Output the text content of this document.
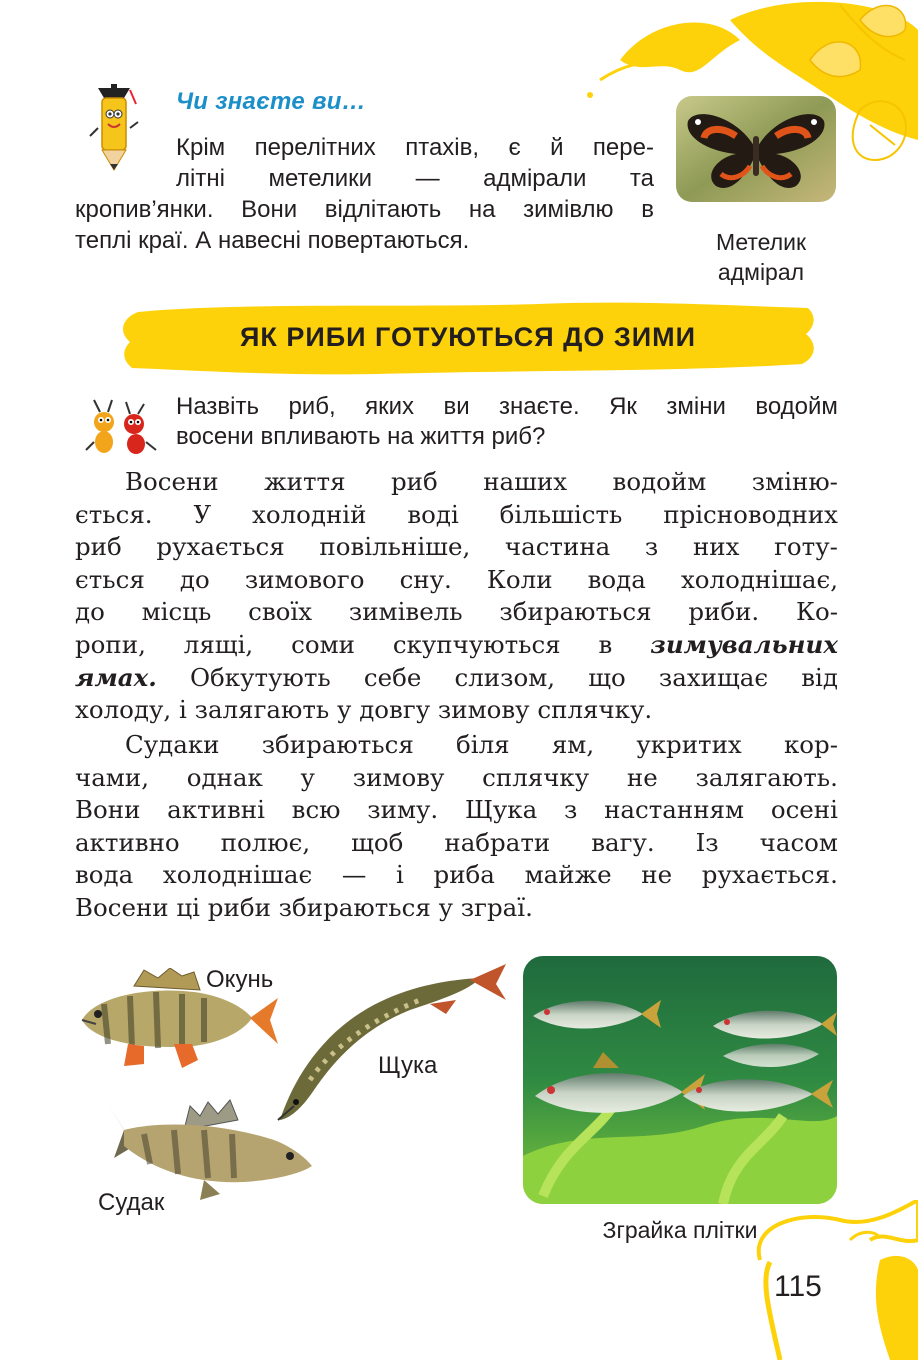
Чи знаєте ви…
Крім перелітних птахів, є й пере-
літні метелики — адмірали та
кропив’янки. Вони відлітають на зимівлю в
теплі краї. А навесні повертаються.	Метелик
адмірал
ЯК РИБИ ГОТУЮТЬСЯ ДО ЗИМИ
Назвіть риб, яких ви знаєте. Як зміни водойм
восени впливають на життя риб?
Восени життя риб наших водойм зміню-
ється. У холодній воді більшість прісноводних
риб рухається повільніше, частина з них готу-
ється до зимового сну. Коли вода холоднішає,
до місць своїх зимівель збираються риби. Ко-
ропи, лящі, соми скупчуються в зимувальних
ямах. Обкутують себе слизом, що захищає від
холоду, і залягають у довгу зимову сплячку.
Судаки збираються біля ям, укритих кор-
чами, однак у зимову сплячку не залягають.
Вони активні всю зиму. Щука з настанням осені
активно полює, щоб набрати вагу. Із часом
вода холоднішає — і риба майже не рухається.
Восени ці риби збираються у зграї.
Окунь
Щука
Судак
Зграйка плітки
115
